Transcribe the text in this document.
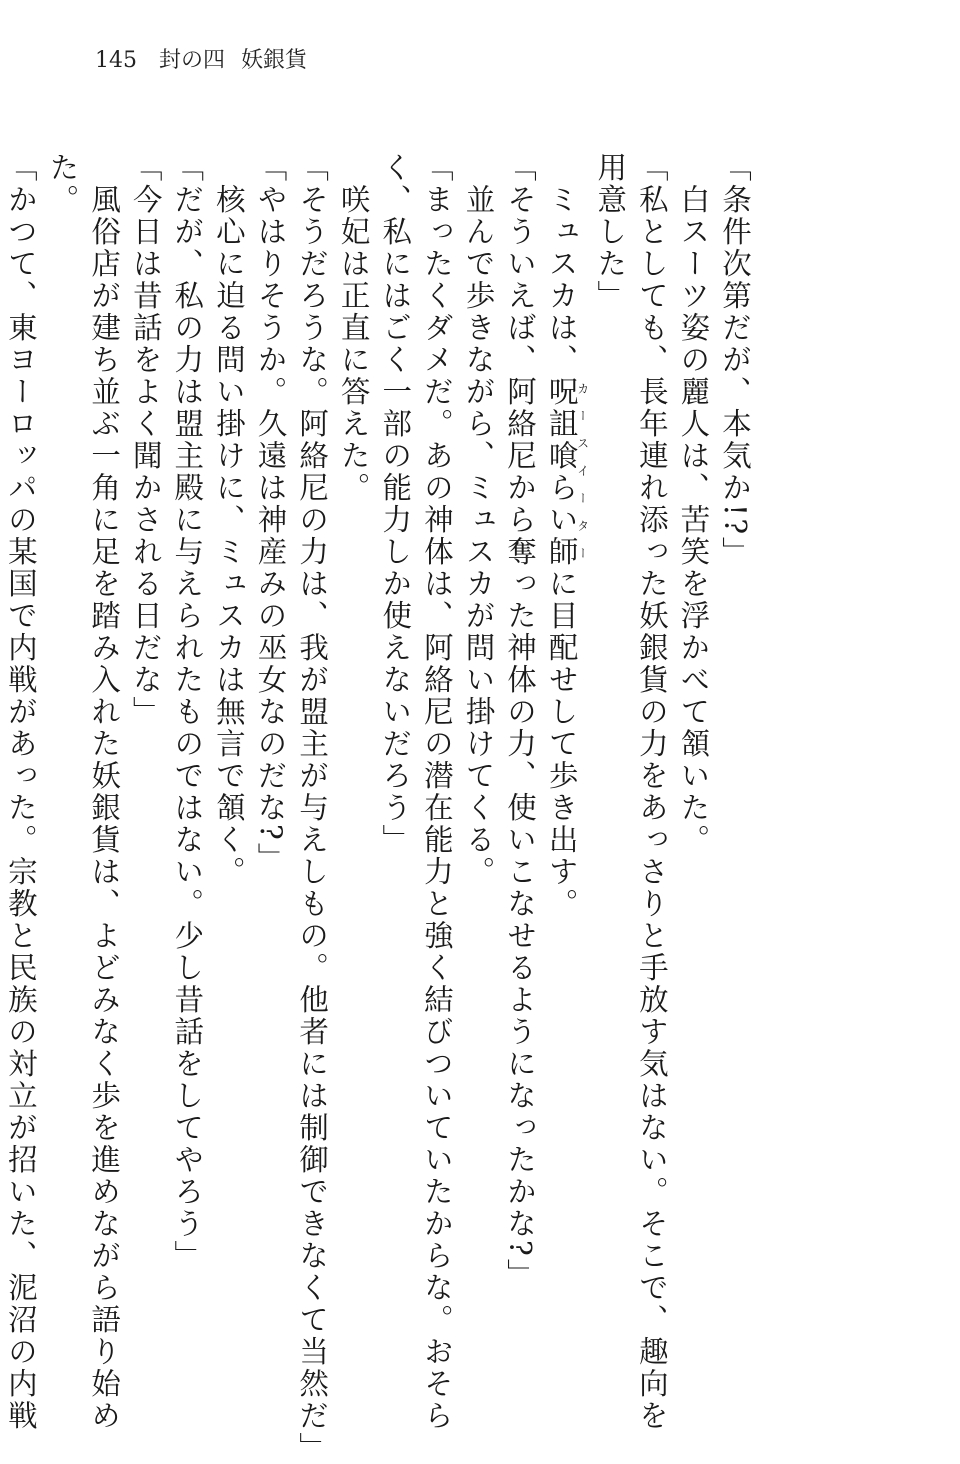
145 封の四 妖銀貨

「条件次第だが、本気か!?」

　白スーツ姿の麗人は、苦笑を浮かべて頷いた。

「私としても、長年連れ添った妖銀貨の力をあっさりと手放す気はない。そこで、趣向を

用意した」

　ミュスカは、呪詛喰らい師カースイーターに目配せして歩き出す。

「そういえば、阿絡尼から奪った神体の力、使いこなせるようになったかな?」

　並んで歩きながら、ミュスカが問い掛けてくる。

「まったくダメだ。あの神体は、阿絡尼の潜在能力と強く結びついていたからな。おそら

く、私にはごく一部の能力しか使えないだろう」

　咲妃は正直に答えた。

「そうだろうな。阿絡尼の力は、我が盟主が与えしもの。他者には制御できなくて当然だ」

「やはりそうか。久遠は神産みの巫女なのだな?」

　核心に迫る問い掛けに、ミュスカは無言で頷く。

「だが、私の力は盟主殿に与えられたものではない。少し昔話をしてやろう」

「今日は昔話をよく聞かされる日だな」

　風俗店が建ち並ぶ一角に足を踏み入れた妖銀貨は、よどみなく歩を進めながら語り始め

た。

「かつて、東ヨーロッパの某国で内戦があった。宗教と民族の対立が招いた、泥沼の内戦
